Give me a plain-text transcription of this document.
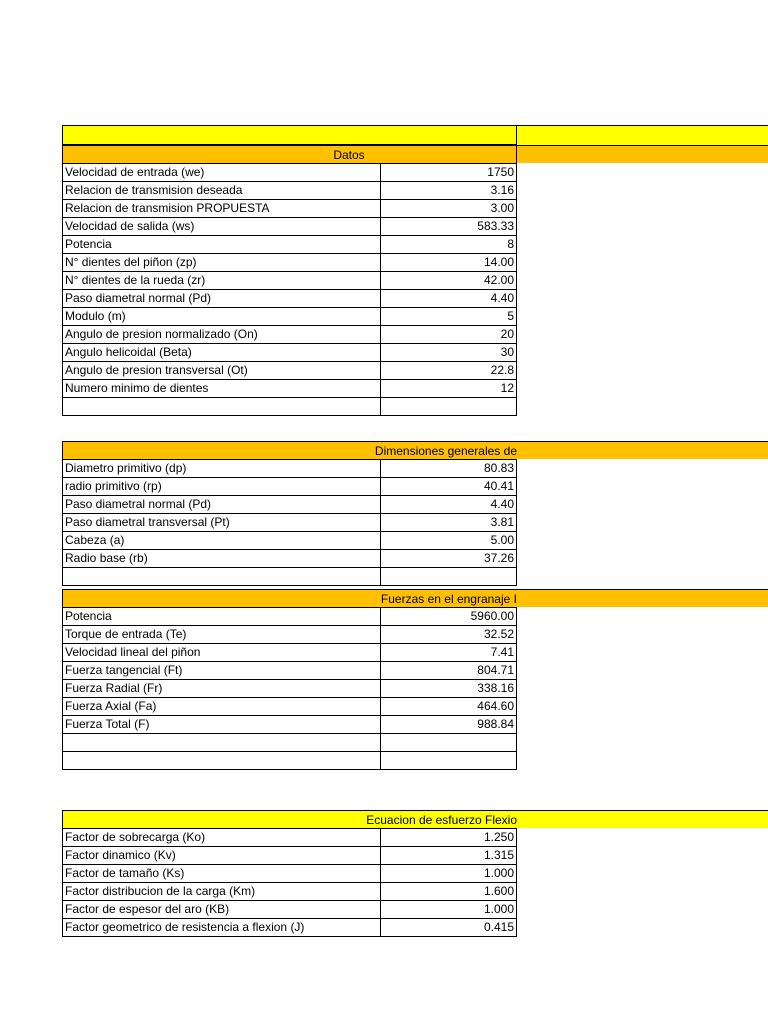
Datos
Velocidad de entrada (we)	1750
Relacion de transmision deseada	3.16
Relacion de transmision PROPUESTA	3.00
Velocidad de salida (ws)	583.33
Potencia	8
N° dientes del piñon (zp)	14.00
N° dientes de la rueda (zr)	42.00
Paso diametral normal (Pd)	4.40
Modulo (m)	5
Angulo de presion normalizado (On)	20
Angulo helicoidal (Beta)	30
Angulo de presion transversal (Ot)	22.8
Numero minimo de dientes	12

Dimensiones generales de
Diametro primitivo (dp)	80.83
radio primitivo (rp)	40.41
Paso diametral normal (Pd)	4.40
Paso diametral transversal (Pt)	3.81
Cabeza (a)	5.00
Radio base (rb)	37.26

Fuerzas en el engranaje I
Potencia	5960.00
Torque de entrada (Te)	32.52
Velocidad lineal del piñon	7.41
Fuerza tangencial (Ft)	804.71
Fuerza Radial (Fr)	338.16
Fuerza Axial (Fa)	464.60
Fuerza Total (F)	988.84

Ecuacion de esfuerzo Flexio
Factor de sobrecarga (Ko)	1.250
Factor dinamico (Kv)	1.315
Factor de tamaño (Ks)	1.000
Factor distribucion de la carga (Km)	1.600
Factor de espesor del aro (KB)	1.000
Factor geometrico de resistencia a flexion (J)	0.415
